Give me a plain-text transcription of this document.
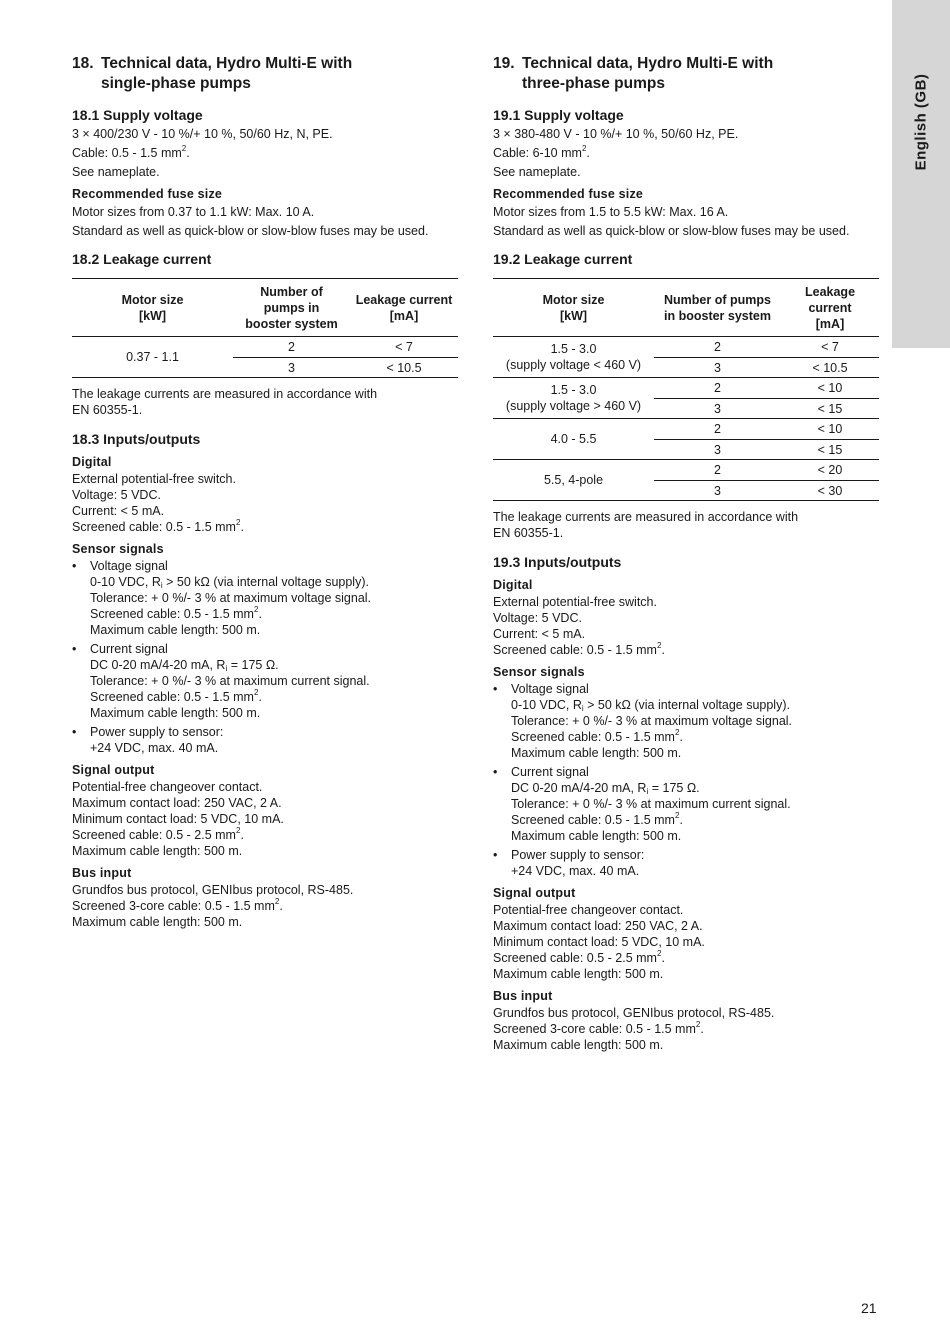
English (GB)
18. Technical data, Hydro Multi-E with
single-phase pumps
18.1 Supply voltage

3 × 400/230 V - 10 %/+ 10 %, 50/60 Hz, N, PE.

Cable: 0.5 - 1.5 $mm^2$.

See nameplate.

Recommended fuse size

Motor sizes from 0.37 to 1.1 kW: Max. 10 A.

Standard as well as quick-blow or slow-blow fuses may be used.

18.2 Leakage current
Motor size
[kW]	Number of
pumps in
booster system	Leakage current
[mA]
0.37 - 1.1	2	< 7
	3	< 10.5

The leakage currents are measured in accordance with

EN 60355-1.

18.3 Inputs/outputs
Digital

External potential-free switch.

Voltage: 5 VDC.

Current: < 5 mA.

Screened cable: 0.5 - 1.5 $mm^2$.

Sensor signals
• Voltage signal
0-10 VDC, $R_i > 50$ kΩ (via internal voltage supply).
Tolerance: + 0 %/- 3 % at maximum voltage signal.
Screened cable: 0.5 - 1.5 $mm^2$.
Maximum cable length: 500 m.
• Current signal
DC 0-20 mA/4-20 mA, $R_i = 175$ Ω.
Tolerance: + 0 %/- 3 % at maximum current signal.
Screened cable: 0.5 - 1.5 $mm^2$.
Maximum cable length: 500 m.
• Power supply to sensor:
+24 VDC, max. 40 mA.
Signal output

Potential-free changeover contact.

Maximum contact load: 250 VAC, 2 A.

Minimum contact load: 5 VDC, 10 mA.

Screened cable: 0.5 - 2.5 $mm^2$.

Maximum cable length: 500 m.

Bus input

Grundfos bus protocol, GENIbus protocol, RS-485.

Screened 3-core cable: 0.5 - 1.5 $mm^2$.

Maximum cable length: 500 m.

19. Technical data, Hydro Multi-E with
three-phase pumps
19.1 Supply voltage

3 × 380-480 V - 10 %/+ 10 %, 50/60 Hz, PE.

Cable: 6-10 $mm^2$.

See nameplate.

Recommended fuse size

Motor sizes from 1.5 to 5.5 kW: Max. 16 A.

Standard as well as quick-blow or slow-blow fuses may be used.

19.2 Leakage current
Motor size
[kW]	Number of pumps
in booster system	Leakage
current
[mA]
1.5 - 3.0
(supply voltage < 460 V)	2	< 7
	3	< 10.5
1.5 - 3.0
(supply voltage > 460 V)	2	< 10
	3	< 15
4.0 - 5.5	2	< 10
	3	< 15
5.5, 4-pole	2	< 20
	3	< 30

The leakage currents are measured in accordance with

EN 60355-1.

19.3 Inputs/outputs
Digital

External potential-free switch.

Voltage: 5 VDC.

Current: < 5 mA.

Screened cable: 0.5 - 1.5 $mm^2$.

Sensor signals
• Voltage signal
0-10 VDC, $R_i > 50$ kΩ (via internal voltage supply).
Tolerance: + 0 %/- 3 % at maximum voltage signal.
Screened cable: 0.5 - 1.5 $mm^2$.
Maximum cable length: 500 m.
• Current signal
DC 0-20 mA/4-20 mA, $R_i = 175$ Ω.
Tolerance: + 0 %/- 3 % at maximum current signal.
Screened cable: 0.5 - 1.5 $mm^2$.
Maximum cable length: 500 m.
• Power supply to sensor:
+24 VDC, max. 40 mA.
Signal output

Potential-free changeover contact.

Maximum contact load: 250 VAC, 2 A.

Minimum contact load: 5 VDC, 10 mA.

Screened cable: 0.5 - 2.5 $mm^2$.

Maximum cable length: 500 m.

Bus input

Grundfos bus protocol, GENIbus protocol, RS-485.

Screened 3-core cable: 0.5 - 1.5 $mm^2$.

Maximum cable length: 500 m.

21
